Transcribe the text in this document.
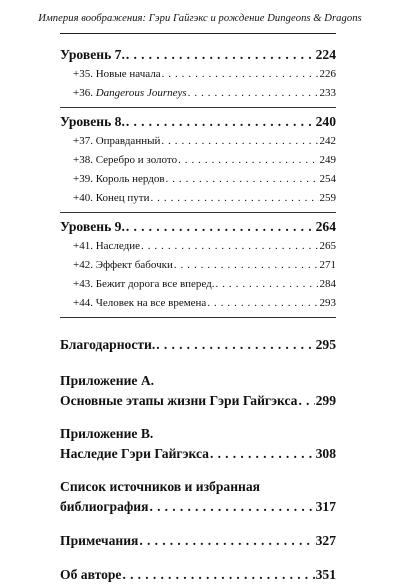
Империя воображения: Гэри Гайгэкс и рождение Dungeons & Dragons
Уровень 7. . . .	224
+35. Новые начала . . .	226
+36. Dangerous Journeys . . .	233
Уровень 8. . . .	240
+37. Оправданный . . .	242
+38. Серебро и золото . . .	249
+39. Король нердов . . .	254
+40. Конец пути . . .	259
Уровень 9. . . .	264
+41. Наследие . . .	265
+42. Эффект бабочки . . .	271
+43. Бежит дорога все вперед. . . .	284
+44. Человек на все времена . . .	293
Благодарности. . . .	295
Приложение А.
Основные этапы жизни Гэри Гайгэкса . . . 299
Приложение В.
Наследие Гэри Гайгэкса . . .	308
Список источников и избранная
библиография . . .	317
Примечания . . .	327
Об авторе . . .	351
